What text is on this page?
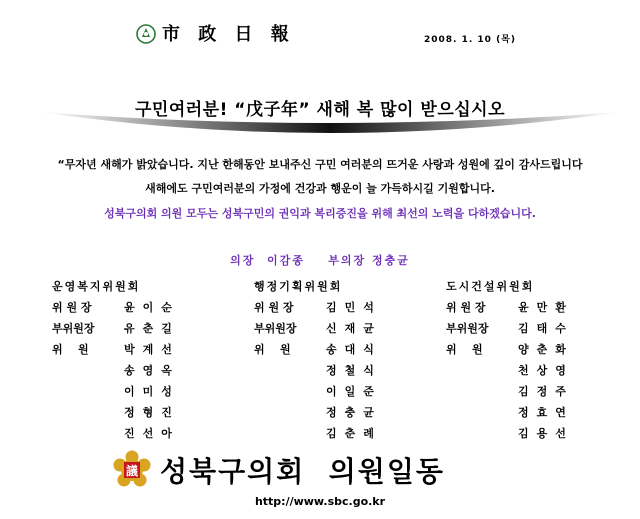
市 政 日 報	2008. 1. 10 (목)
구민여러분! “戊子年” 새해 복 많이 받으십시오
“무자년 새해가 밝았습니다. 지난 한해동안 보내주신 구민 여러분의 뜨거운 사랑과 성원에 깊이 감사드립니다
새해에도 구민여러분의 가정에 건강과 행운이 늘 가득하시길 기원합니다.
성북구의회 의원 모두는 성북구민의 권익과 복리증진을 위해 최선의 노력을 다하겠습니다.
의장  이감종    부의장 정충균
운영복지위원회
위 원 장	윤이순
부위원장	유춘길
위    원	박계선
송영옥
이미성
정형진
진선아
행정기획위원회
위 원 장	김민석
부위원장	신재균
위    원	송대식
정철식
이일준
정충균
김춘례
도시건설위원회
위 원 장	윤만환
부위원장	김태수
위    원	양춘화
천상영
김정주
정효연
김용선
議 성북구의회  의원일동
http://www.sbc.go.kr
